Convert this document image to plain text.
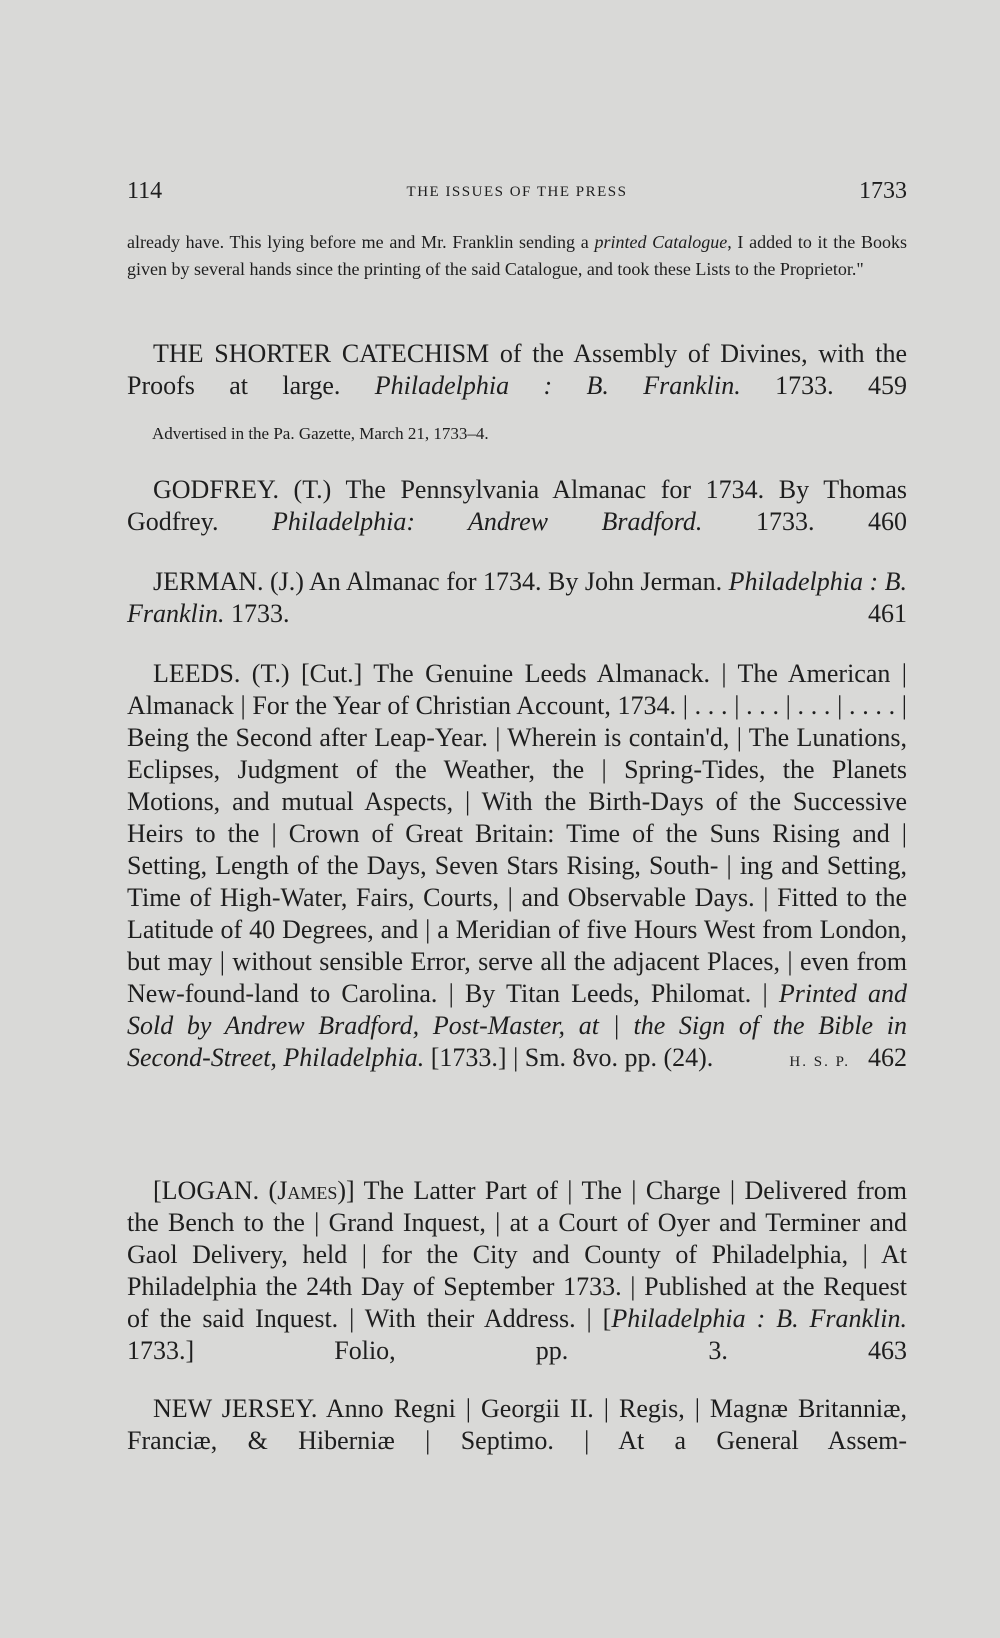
114	THE ISSUES OF THE PRESS	1733

already have. This lying before me and Mr. Franklin sending a printed Catalogue, I added to it the Books given by several hands since the printing of the said Catalogue, and took these Lists to the Proprietor."

THE SHORTER CATECHISM of the Assembly of Divines, with the Proofs at large. Philadelphia : B. Franklin. 1733. 459

Advertised in the Pa. Gazette, March 21, 1733–4.

GODFREY. (T.) The Pennsylvania Almanac for 1734. By Thomas Godfrey. Philadelphia: Andrew Bradford. 1733. 460

JERMAN. (J.) An Almanac for 1734. By John Jerman. Philadelphia : B. Franklin. 1733.	461

LEEDS. (T.) [Cut.] The Genuine Leeds Almanack. | The American | Almanack | For the Year of Christian Account, 1734. | . . . | . . . | . . . | . . . . | Being the Second after Leap-Year. | Wherein is contain'd, | The Lunations, Eclipses, Judgment of the Weather, the | Spring-Tides, the Planets Motions, and mutual Aspects, | With the Birth-Days of the Successive Heirs to the | Crown of Great Britain: Time of the Suns Rising and | Setting, Length of the Days, Seven Stars Rising, South- | ing and Setting, Time of High-Water, Fairs, Courts, | and Observable Days. | Fitted to the Latitude of 40 Degrees, and | a Meridian of five Hours West from London, but may | without sensible Error, serve all the adjacent Places, | even from New-found-land to Carolina. | By Titan Leeds, Philomat. | Printed and Sold by Andrew Bradford, Post-Master, at | the Sign of the Bible in Second-Street, Philadelphia. [1733.] | Sm. 8vo. pp. (24).	H. S. P. 462

[LOGAN. (James)] The Latter Part of | The | Charge | Delivered from the Bench to the | Grand Inquest, | at a Court of Oyer and Terminer and Gaol Delivery, held | for the City and County of Philadelphia, | At Philadelphia the 24th Day of September 1733. | Published at the Request of the said Inquest. | With their Address. | [Philadelphia : B. Franklin. 1733.] Folio, pp. 3.	463

NEW JERSEY. Anno Regni | Georgii II. | Regis, | Magnæ Britanniæ, Franciæ, & Hiberniæ | Septimo. | At a General Assem-
